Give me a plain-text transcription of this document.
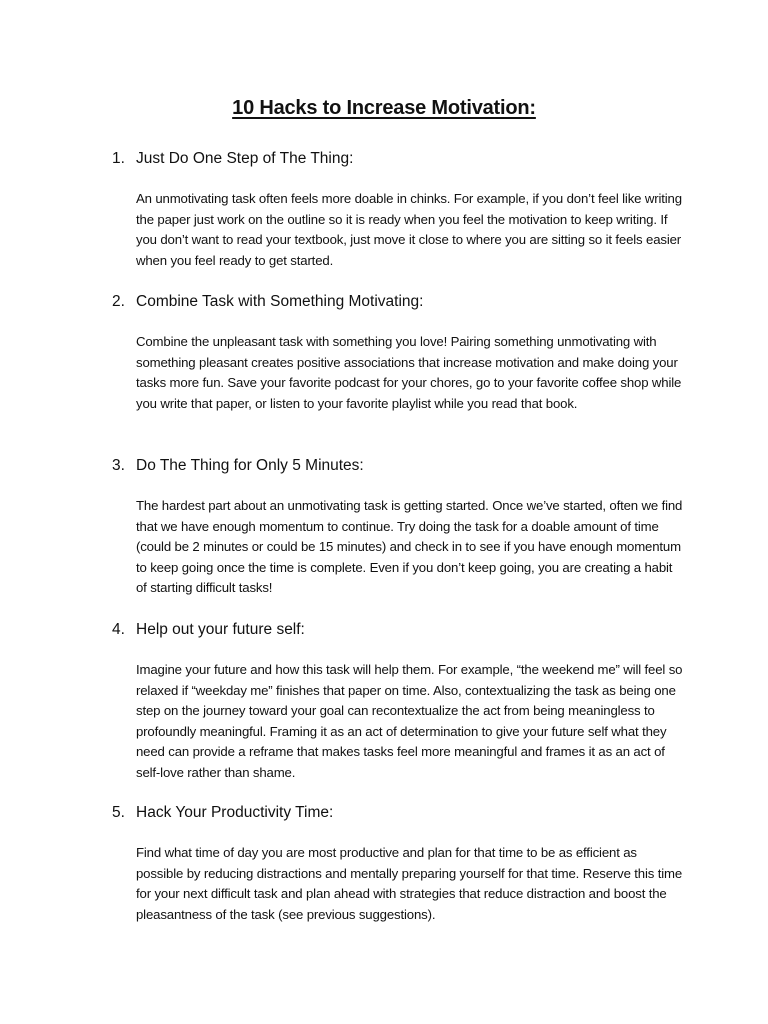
10 Hacks to Increase Motivation:
1. Just Do One Step of The Thing:

An unmotivating task often feels more doable in chinks. For example, if you don’t feel like writing the paper just work on the outline so it is ready when you feel the motivation to keep writing. If you don’t want to read your textbook, just move it close to where you are sitting so it feels easier when you feel ready to get started.

2. Combine Task with Something Motivating:

Combine the unpleasant task with something you love! Pairing something unmotivating with something pleasant creates positive associations that increase motivation and make doing your tasks more fun. Save your favorite podcast for your chores, go to your favorite coffee shop while you write that paper, or listen to your favorite playlist while you read that book.

3. Do The Thing for Only 5 Minutes:

The hardest part about an unmotivating task is getting started. Once we’ve started, often we find that we have enough momentum to continue. Try doing the task for a doable amount of time (could be 2 minutes or could be 15 minutes) and check in to see if you have enough momentum to keep going once the time is complete. Even if you don’t keep going, you are creating a habit of starting difficult tasks!

4. Help out your future self:

Imagine your future and how this task will help them. For example, “the weekend me” will feel so relaxed if “weekday me” finishes that paper on time. Also, contextualizing the task as being one step on the journey toward your goal can recontextualize the act from being meaningless to profoundly meaningful. Framing it as an act of determination to give your future self what they need can provide a reframe that makes tasks feel more meaningful and frames it as an act of self-love rather than shame.

5. Hack Your Productivity Time:

Find what time of day you are most productive and plan for that time to be as efficient as possible by reducing distractions and mentally preparing yourself for that time. Reserve this time for your next difficult task and plan ahead with strategies that reduce distraction and boost the pleasantness of the task (see previous suggestions).
